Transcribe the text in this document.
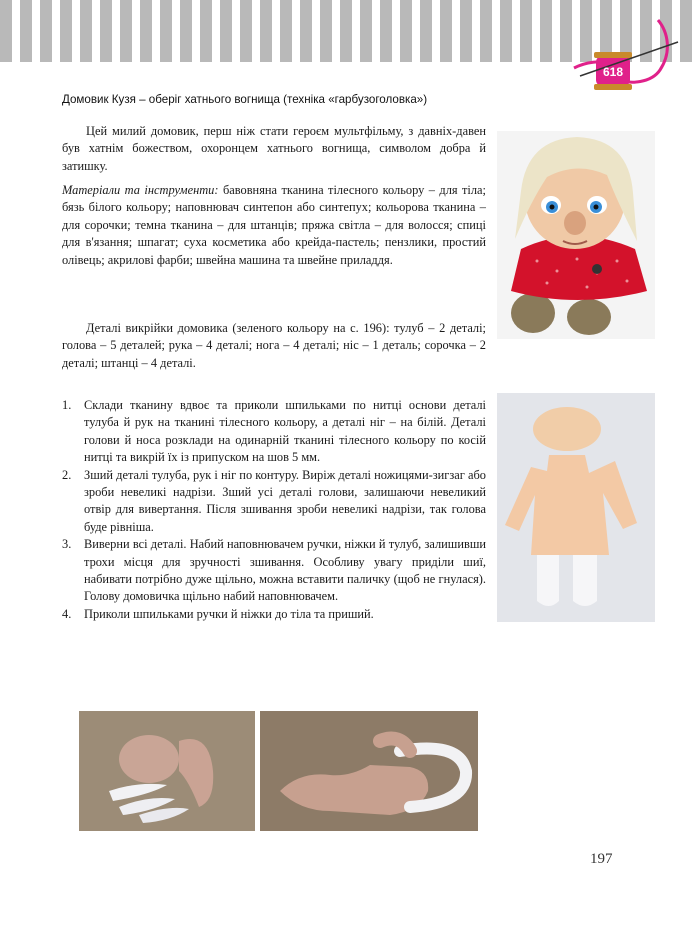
618
Домовик Кузя – оберіг хатнього вогнища (техніка «гарбузоголовка»)

Цей милий домовик, перш ніж стати героєм мультфільму, з давніх-давен був хатнім божеством, охоронцем хатнього вогнища, символом добра й затишку.

Матеріали та інструменти: бавовняна тканина тілесного кольору – для тіла; бязь білого кольору; наповнювач синтепон або синтепух; кольорова тканина – для сорочки; темна тканина – для штанців; пряжа світла – для волосся; спиці для в'язання; шпагат; суха косметика або крейда-пастель; пензлики, простий олівець; акрилові фарби; швейна машина та швейне приладдя.

Деталі викрійки домовика (зеленого кольору на с. 196): тулуб – 2 деталі; голова – 5 деталей; рука – 4 деталі; нога – 4 деталі; ніс – 1 деталь; сорочка – 2 деталі; штанці – 4 деталі.

1. Склади тканину вдвоє та приколи шпильками по нитці основи деталі тулуба й рук на тканині тілесного кольору, а деталі ніг – на білій. Деталі голови й носа розклади на одинарній тканині тілесного кольору по косій нитці та викрій їх із припуском на шов 5 мм.
2. Зший деталі тулуба, рук і ніг по контуру. Виріж деталі ножицями-зигзаг або зроби невеликі надрізи. Зший усі деталі голови, залишаючи невеликий отвір для вивертання. Після зшивання зроби невеликі надрізи, так голова буде рівніша.
3. Виверни всі деталі. Набий наповнювачем ручки, ніжки й тулуб, залишивши трохи місця для зручності зшивання. Особливу увагу приділи шиї, набивати потрібно дуже щільно, можна вставити паличку (щоб не гнулася). Голову домовичка щільно набий наповнювачем.
4. Приколи шпильками ручки й ніжки до тіла та приший.
197
